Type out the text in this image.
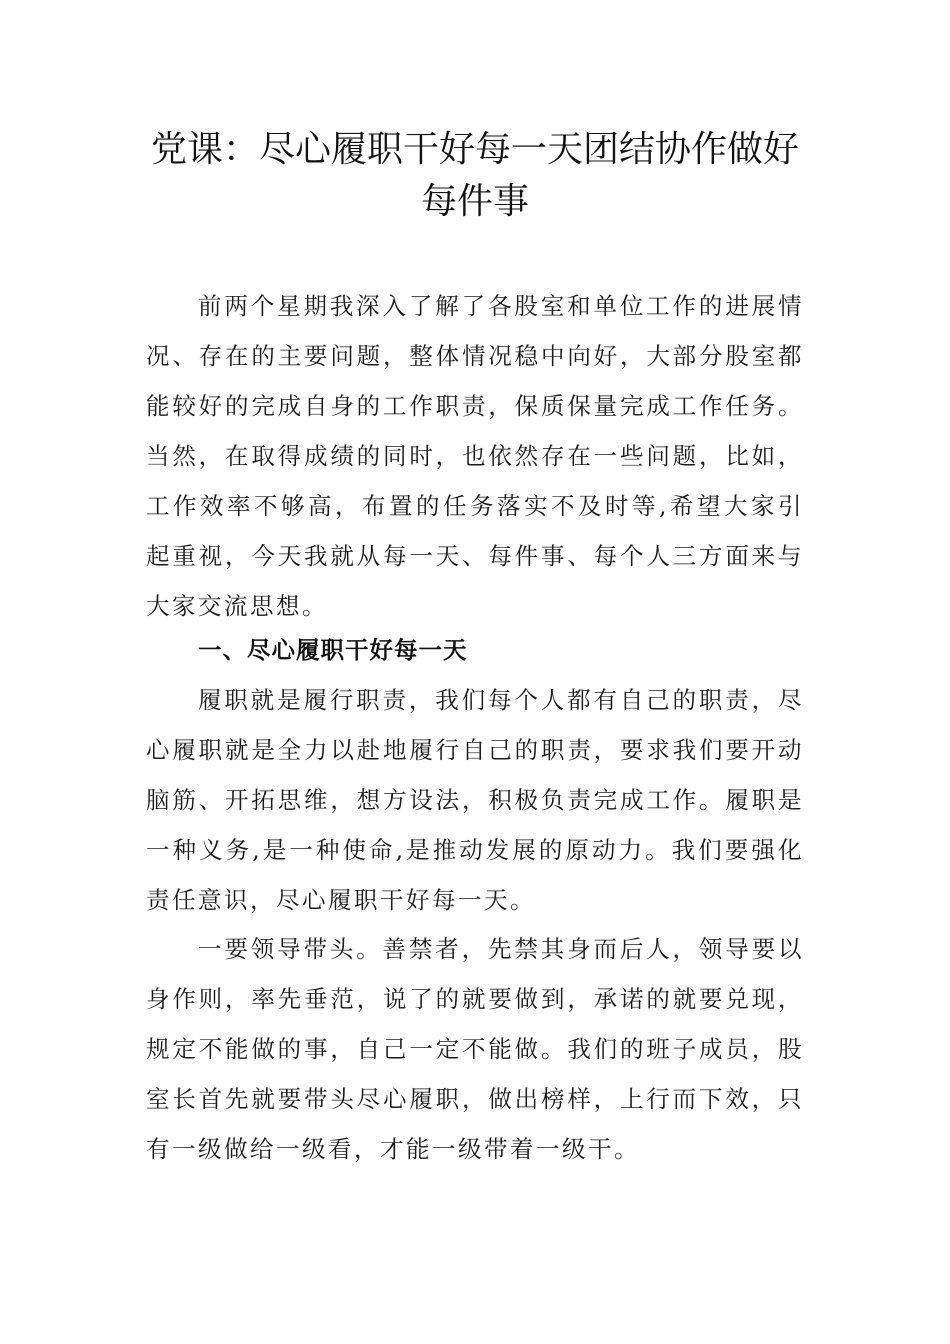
党课：尽心履职干好每一天团结协作做好
每件事

前两个星期我深入了解了各股室和单位工作的进展情况、存在的主要问题，整体情况稳中向好，大部分股室都能较好的完成自身的工作职责，保质保量完成工作任务。当然，在取得成绩的同时，也依然存在一些问题，比如，工作效率不够高，布置的任务落实不及时等,希望大家引起重视，今天我就从每一天、每件事、每个人三方面来与大家交流思想。

一、尽心履职干好每一天

履职就是履行职责，我们每个人都有自己的职责，尽心履职就是全力以赴地履行自己的职责，要求我们要开动脑筋、开拓思维，想方设法，积极负责完成工作。履职是一种义务,是一种使命,是推动发展的原动力。我们要强化责任意识，尽心履职干好每一天。

一要领导带头。善禁者，先禁其身而后人，领导要以身作则，率先垂范，说了的就要做到，承诺的就要兑现，规定不能做的事，自己一定不能做。我们的班子成员，股室长首先就要带头尽心履职，做出榜样，上行而下效，只有一级做给一级看，才能一级带着一级干。
